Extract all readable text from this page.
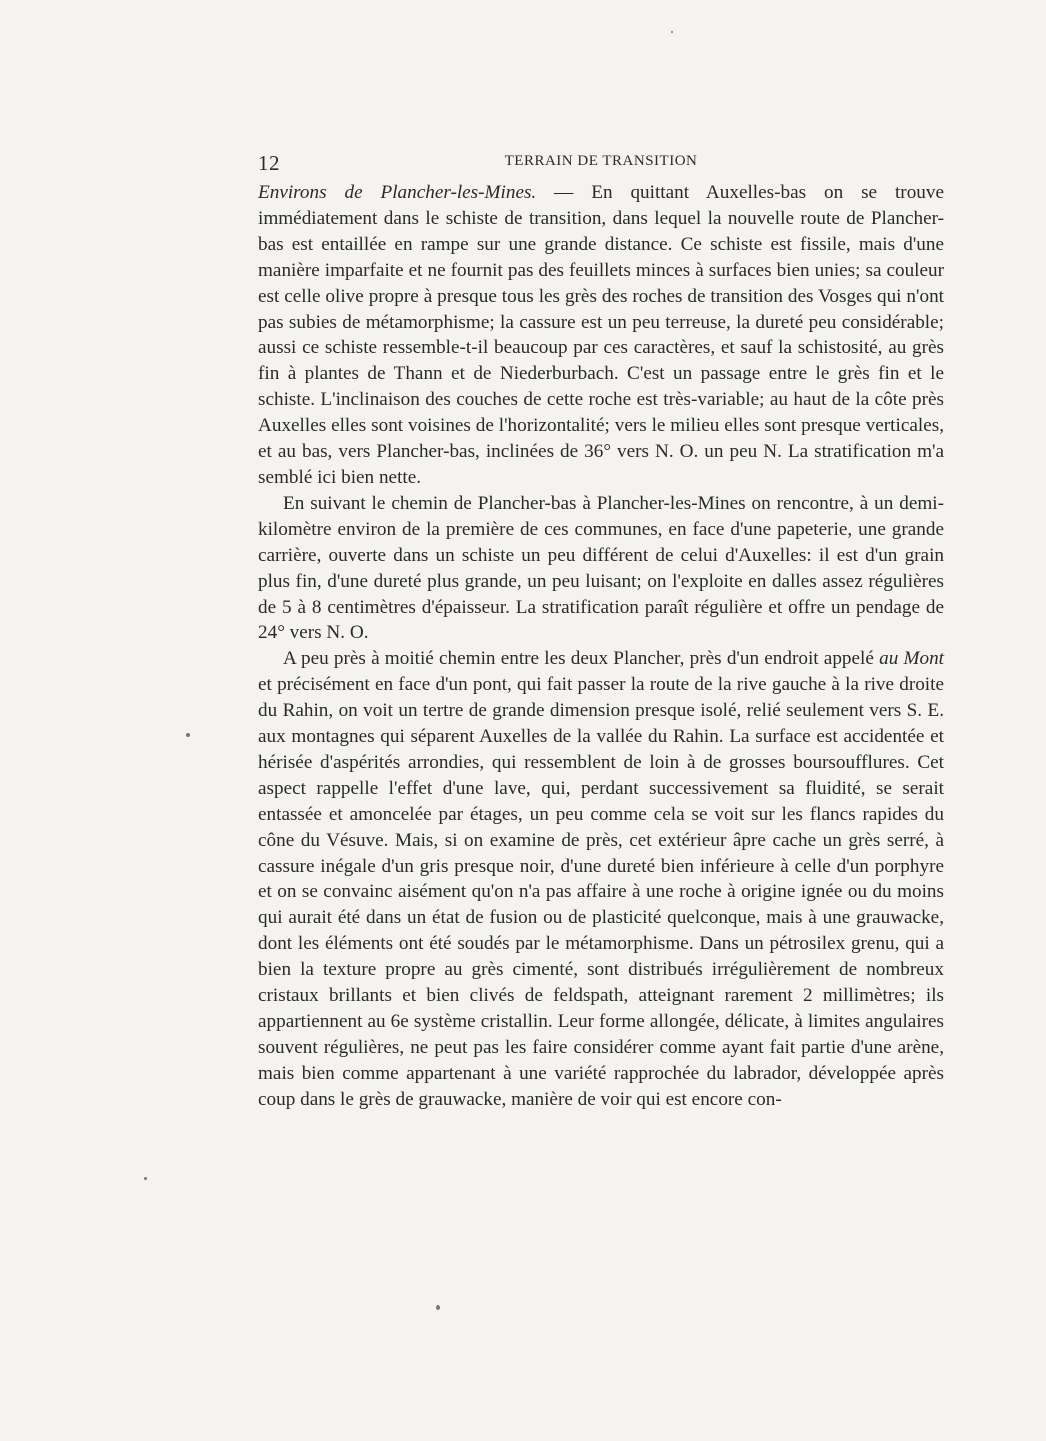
12	TERRAIN DE TRANSITION

Environs de Plancher-les-Mines. — En quittant Auxelles-bas on se trouve immédiatement dans le schiste de transition, dans lequel la nouvelle route de Plancher-bas est entaillée en rampe sur une grande distance. Ce schiste est fissile, mais d'une manière imparfaite et ne fournit pas des feuillets minces à surfaces bien unies; sa couleur est celle olive propre à presque tous les grès des roches de transition des Vosges qui n'ont pas subies de métamorphisme; la cassure est un peu terreuse, la dureté peu considérable; aussi ce schiste ressemble-t-il beaucoup par ces caractères, et sauf la schistosité, au grès fin à plantes de Thann et de Niederburbach. C'est un passage entre le grès fin et le schiste. L'inclinaison des couches de cette roche est très-variable; au haut de la côte près Auxelles elles sont voisines de l'horizontalité; vers le milieu elles sont presque verticales, et au bas, vers Plancher-bas, inclinées de 36° vers N. O. un peu N. La stratification m'a semblé ici bien nette.

En suivant le chemin de Plancher-bas à Plancher-les-Mines on rencontre, à un demi-kilomètre environ de la première de ces communes, en face d'une papeterie, une grande carrière, ouverte dans un schiste un peu différent de celui d'Auxelles: il est d'un grain plus fin, d'une dureté plus grande, un peu luisant; on l'exploite en dalles assez régulières de 5 à 8 centimètres d'épaisseur. La stratification paraît régulière et offre un pendage de 24° vers N. O.

A peu près à moitié chemin entre les deux Plancher, près d'un endroit appelé au Mont et précisément en face d'un pont, qui fait passer la route de la rive gauche à la rive droite du Rahin, on voit un tertre de grande dimension presque isolé, relié seulement vers S. E. aux montagnes qui séparent Auxelles de la vallée du Rahin. La surface est accidentée et hérisée d'aspérités arrondies, qui ressemblent de loin à de grosses boursoufflures. Cet aspect rappelle l'effet d'une lave, qui, perdant successivement sa fluidité, se serait entassée et amoncelée par étages, un peu comme cela se voit sur les flancs rapides du cône du Vésuve. Mais, si on examine de près, cet extérieur âpre cache un grès serré, à cassure inégale d'un gris presque noir, d'une dureté bien inférieure à celle d'un porphyre et on se convainc aisément qu'on n'a pas affaire à une roche à origine ignée ou du moins qui aurait été dans un état de fusion ou de plasticité quelconque, mais à une grauwacke, dont les éléments ont été soudés par le métamorphisme. Dans un pétrosilex grenu, qui a bien la texture propre au grès cimenté, sont distribués irrégulièrement de nombreux cristaux brillants et bien clivés de feldspath, atteignant rarement 2 millimètres; ils appartiennent au 6e système cristallin. Leur forme allongée, délicate, à limites angulaires souvent régulières, ne peut pas les faire considérer comme ayant fait partie d'une arène, mais bien comme appartenant à une variété rapprochée du labrador, développée après coup dans le grès de grauwacke, manière de voir qui est encore con-
